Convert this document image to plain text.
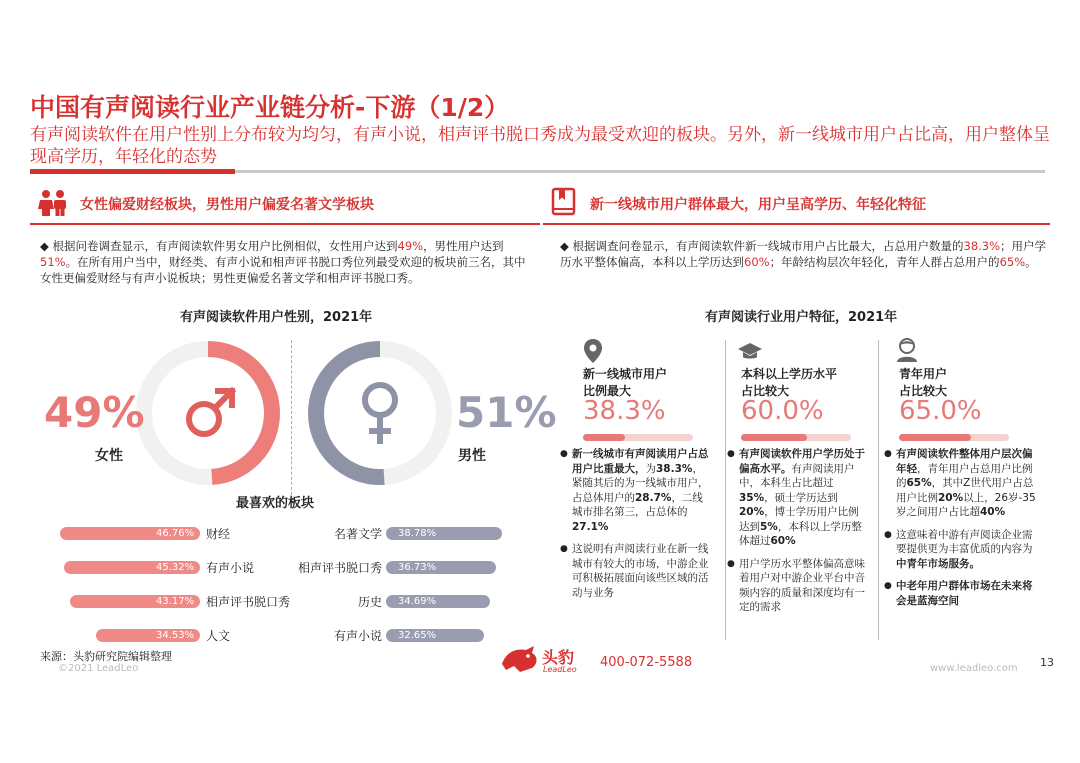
中国有声阅读行业产业链分析-下游（1/2）
有声阅读软件在用户性别上分布较为均匀，有声小说，相声评书脱口秀成为最受欢迎的板块。另外，新一线城市用户占比高，用户整体呈现高学历，年轻化的态势
女性偏爱财经板块，男性用户偏爱名著文学板块
◆ 根据问卷调查显示，有声阅读软件男女用户比例相似，女性用户达到49%，男性用户达到51%。在所有用户当中，财经类、有声小说和相声评书脱口秀位列最受欢迎的板块前三名，其中女性更偏爱财经与有声小说板块；男性更偏爱名著文学和相声评书脱口秀。
有声阅读软件用户性别，2021年
49%
女性
51%
男性
最喜欢的板块
46.76% 财经
45.32% 有声小说
43.17% 相声评书脱口秀
34.53% 人文
38.78%
名著文学
36.73%
相声评书脱口秀
34.69%
历史
32.65%
有声小说
新一线城市用户群体最大，用户呈高学历、年轻化特征
◆ 根据调查问卷显示，有声阅读软件新一线城市用户占比最大，占总用户数量的38.3%；用户学历水平整体偏高，本科以上学历达到60%；年龄结构层次年轻化，青年人群占总用户的65%。
有声阅读行业用户特征，2021年
新一线城市用户
比例最大
本科以上学历水平
占比较大
青年用户
占比较大
38.3%	60.0%	65.0%
● 新一线城市有声阅读用户占总用户比重最大，为38.3%，紧随其后的为一线城市用户，占总体用户的28.7%，二线城市排名第三，占总体的27.1%
● 这说明有声阅读行业在新一线城市有较大的市场，中游企业可积极拓展面向该些区域的活动与业务
● 有声阅读软件用户学历处于偏高水平。有声阅读用户中，本科生占比超过35%，硕士学历达到20%，博士学历用户比例达到5%，本科以上学历整体超过60%
● 用户学历水平整体偏高意味着用户对中游企业平台中音频内容的质量和深度均有一定的需求
● 有声阅读软件整体用户层次偏年轻，青年用户占总用户比例的65%，其中Z世代用户占总用户比例20%以上，26岁-35岁之间用户占比超40%
● 这意味着中游有声阅读企业需要提供更为丰富优质的内容为中青年市场服务。
● 中老年用户群体市场在未来将会是蓝海空间
来源：头豹研究院编辑整理
©2021 LeadLeo
头豹
LeadLeo 400-072-5588	www.leadleo.com 13
